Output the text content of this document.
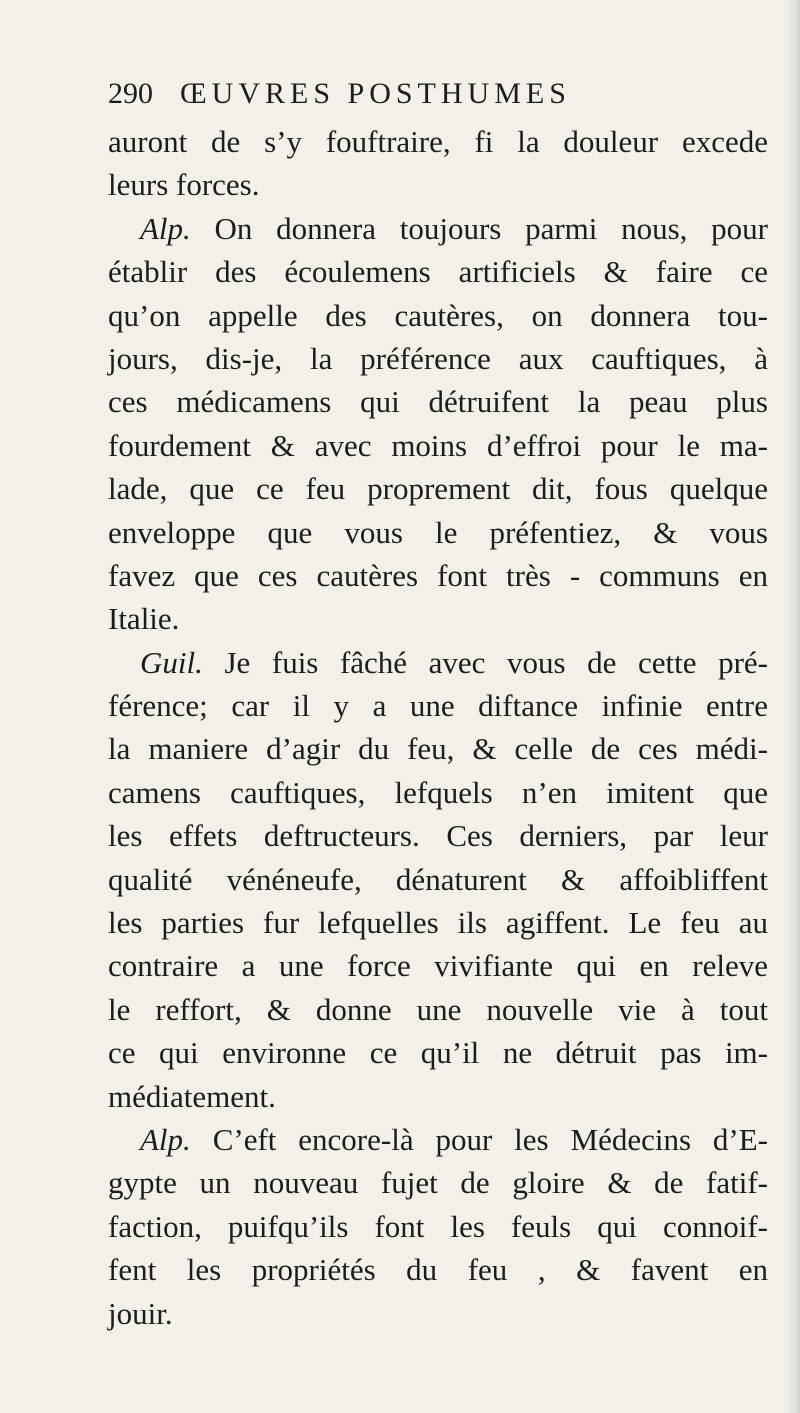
290 ŒUVRES POSTHUMES
auront de s’y fouftraire, fi la douleur excede
leurs forces.
Alp. On donnera toujours parmi nous, pour
établir des écoulemens artificiels & faire ce
qu’on appelle des cautères, on donnera tou-
jours, dis-je, la préférence aux cauftiques, à
ces médicamens qui détruifent la peau plus
fourdement & avec moins d’effroi pour le ma-
lade, que ce feu proprement dit, fous quelque
enveloppe que vous le préfentiez, & vous
favez que ces cautères font très - communs en
Italie.
Guil. Je fuis fâché avec vous de cette pré-
férence; car il y a une diftance infinie entre
la maniere d’agir du feu, & celle de ces médi-
camens cauftiques, lefquels n’en imitent que
les effets deftructeurs. Ces derniers, par leur
qualité vénéneufe, dénaturent & affoibliffent
les parties fur lefquelles ils agiffent. Le feu au
contraire a une force vivifiante qui en releve
le reffort, & donne une nouvelle vie à tout
ce qui environne ce qu’il ne détruit pas im-
médiatement.
Alp. C’eft encore-là pour les Médecins d’E-
gypte un nouveau fujet de gloire & de fatif-
faction, puifqu’ils font les feuls qui connoif-
fent les propriétés du feu , & favent en
jouir.
